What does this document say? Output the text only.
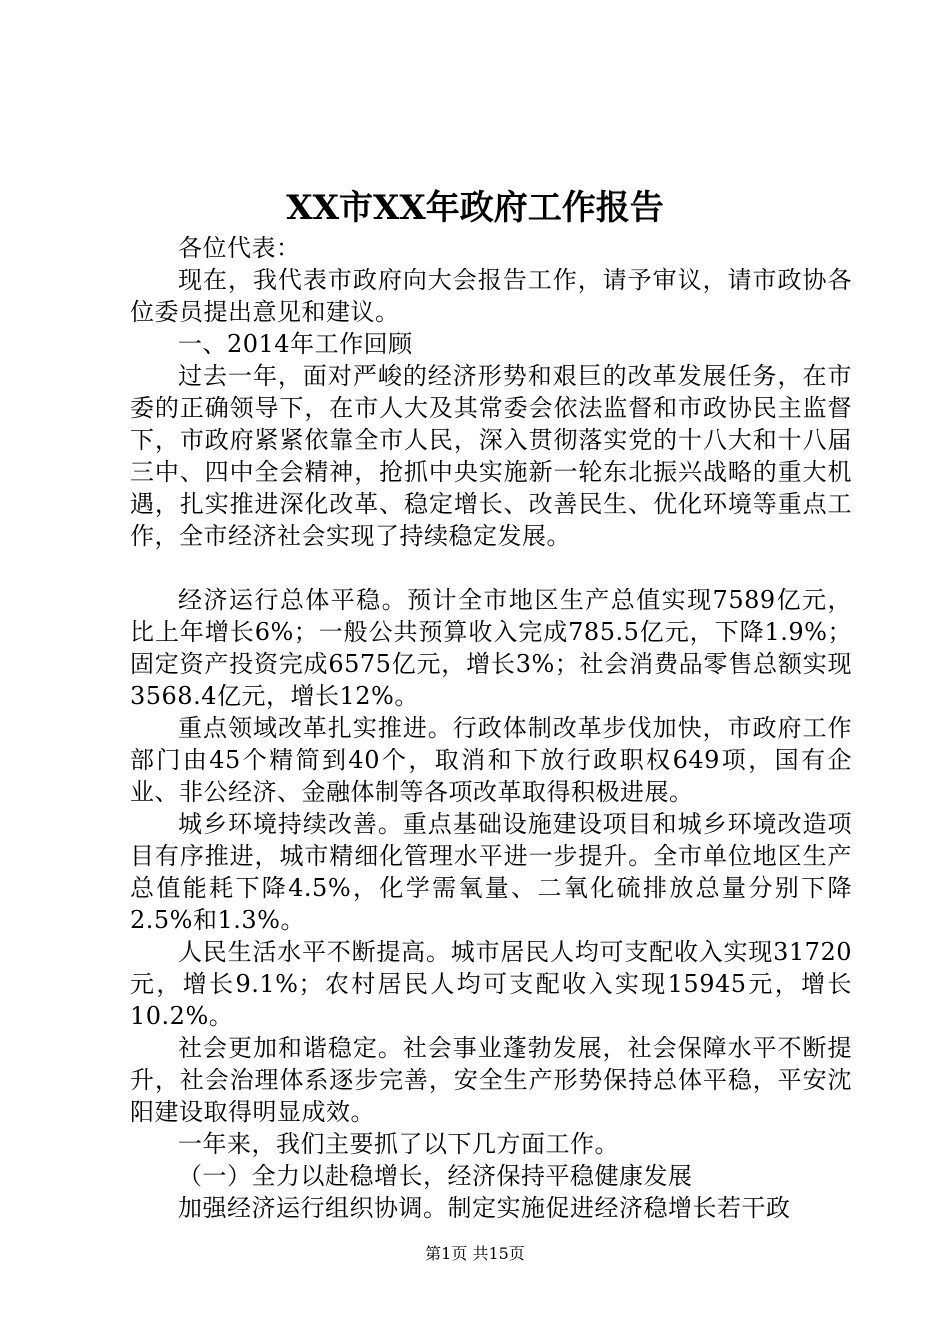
XX市XX年政府工作报告

各位代表：

现在，我代表市政府向大会报告工作，请予审议，请市政协各位委员提出意见和建议。

一、2014年工作回顾

过去一年，面对严峻的经济形势和艰巨的改革发展任务，在市委的正确领导下，在市人大及其常委会依法监督和市政协民主监督下，市政府紧紧依靠全市人民，深入贯彻落实党的十八大和十八届三中、四中全会精神，抢抓中央实施新一轮东北振兴战略的重大机遇，扎实推进深化改革、稳定增长、改善民生、优化环境等重点工作，全市经济社会实现了持续稳定发展。

经济运行总体平稳。预计全市地区生产总值实现7589亿元，比上年增长6%；一般公共预算收入完成785.5亿元，下降1.9%；固定资产投资完成6575亿元，增长3%；社会消费品零售总额实现3568.4亿元，增长12%。

重点领域改革扎实推进。行政体制改革步伐加快，市政府工作部门由45个精简到40个，取消和下放行政职权649项，国有企业、非公经济、金融体制等各项改革取得积极进展。

城乡环境持续改善。重点基础设施建设项目和城乡环境改造项目有序推进，城市精细化管理水平进一步提升。全市单位地区生产总值能耗下降4.5%，化学需氧量、二氧化硫排放总量分别下降2.5%和1.3%。

人民生活水平不断提高。城市居民人均可支配收入实现31720元，增长9.1%；农村居民人均可支配收入实现15945元，增长10.2%。

社会更加和谐稳定。社会事业蓬勃发展，社会保障水平不断提升，社会治理体系逐步完善，安全生产形势保持总体平稳，平安沈阳建设取得明显成效。

一年来，我们主要抓了以下几方面工作。

（一）全力以赴稳增长，经济保持平稳健康发展

加强经济运行组织协调。制定实施促进经济稳增长若干政

第1页 共15页
